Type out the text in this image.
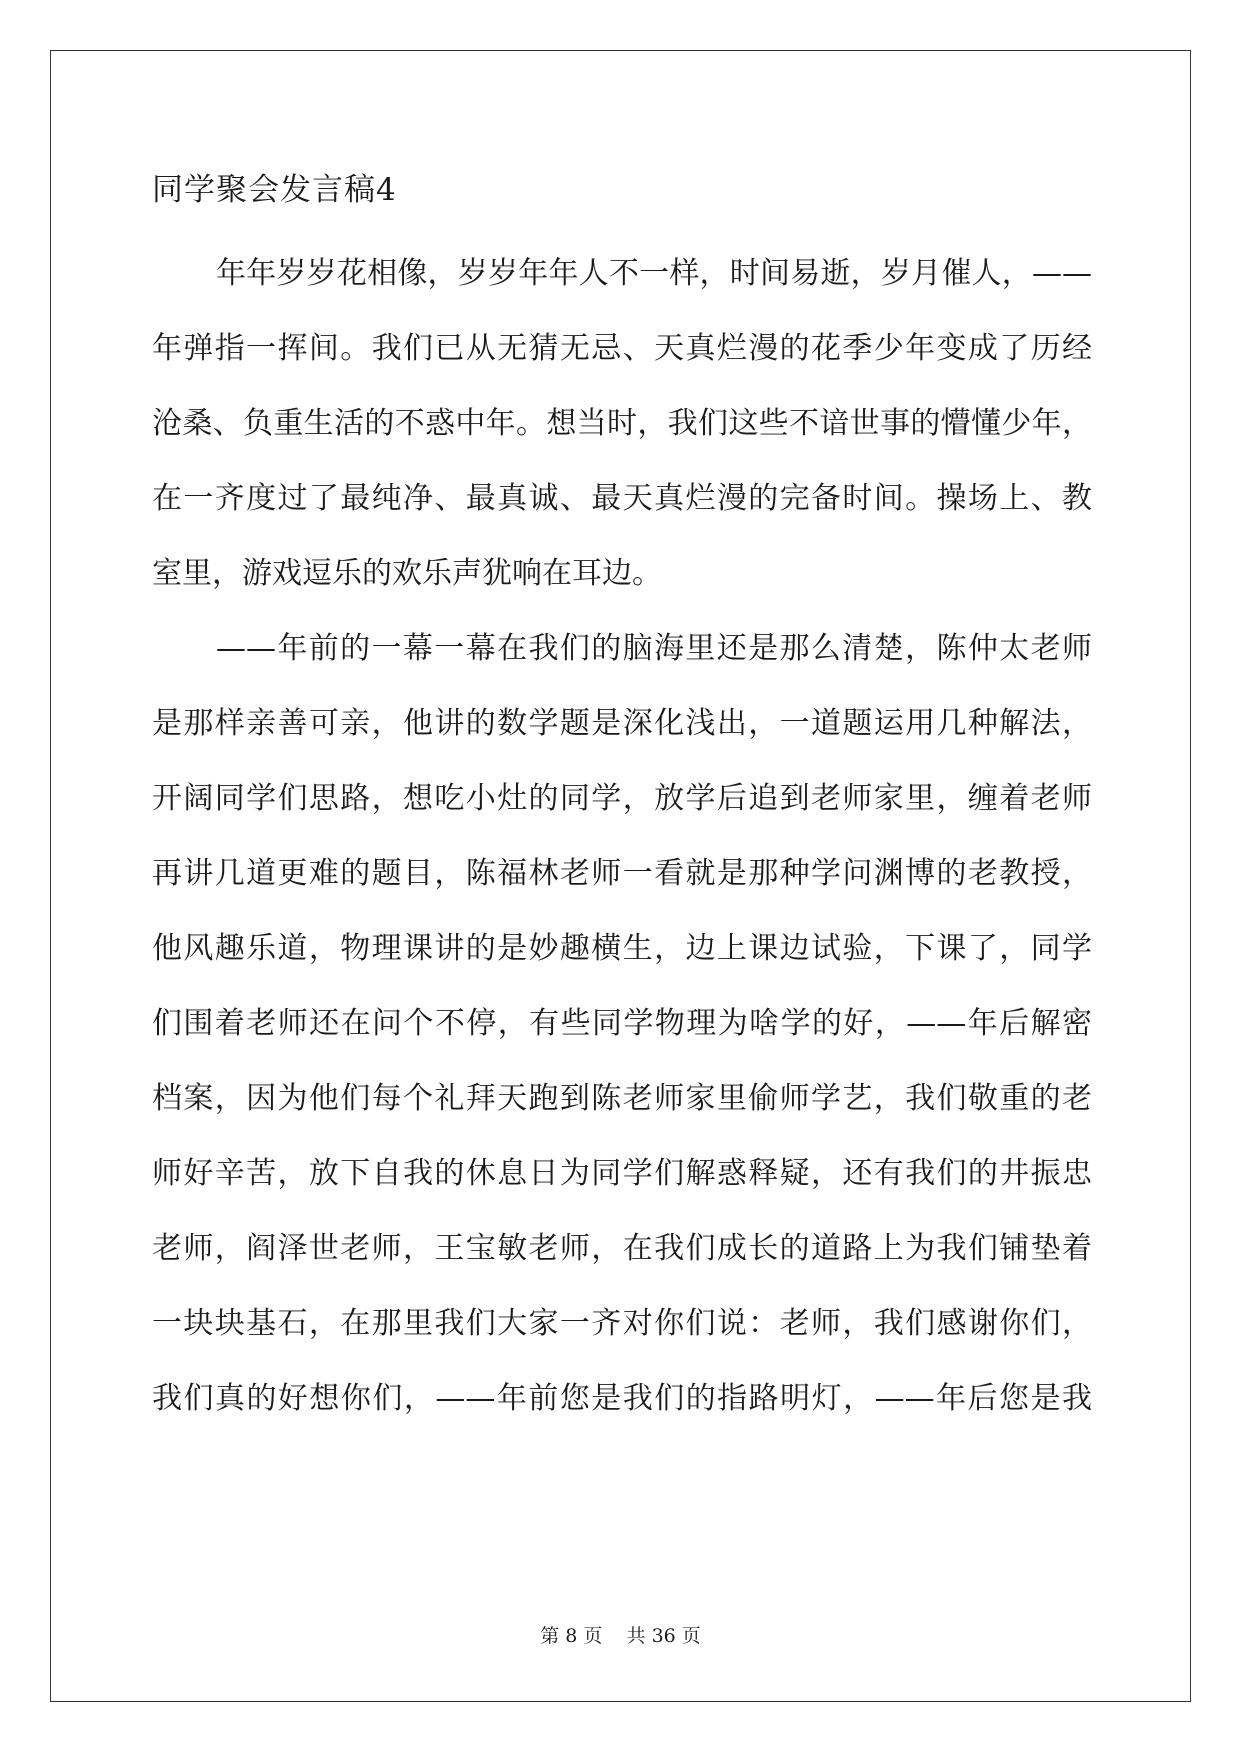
同学聚会发言稿4
年年岁岁花相像，岁岁年年人不一样，时间易逝，岁月催人，——
年弹指一挥间。我们已从无猜无忌、天真烂漫的花季少年变成了历经
沧桑、负重生活的不惑中年。想当时，我们这些不谙世事的懵懂少年，
在一齐度过了最纯净、最真诚、最天真烂漫的完备时间。操场上、教
室里，游戏逗乐的欢乐声犹响在耳边。
——年前的一幕一幕在我们的脑海里还是那么清楚，陈仲太老师
是那样亲善可亲，他讲的数学题是深化浅出，一道题运用几种解法，
开阔同学们思路，想吃小灶的同学，放学后追到老师家里，缠着老师
再讲几道更难的题目，陈福林老师一看就是那种学问渊博的老教授，
他风趣乐道，物理课讲的是妙趣横生，边上课边试验，下课了，同学
们围着老师还在问个不停，有些同学物理为啥学的好，——年后解密
档案，因为他们每个礼拜天跑到陈老师家里偷师学艺，我们敬重的老
师好辛苦，放下自我的休息日为同学们解惑释疑，还有我们的井振忠
老师，阎泽世老师，王宝敏老师，在我们成长的道路上为我们铺垫着
一块块基石，在那里我们大家一齐对你们说：老师，我们感谢你们，
我们真的好想你们，——年前您是我们的指路明灯，——年后您是我
第 8 页    共 36 页
